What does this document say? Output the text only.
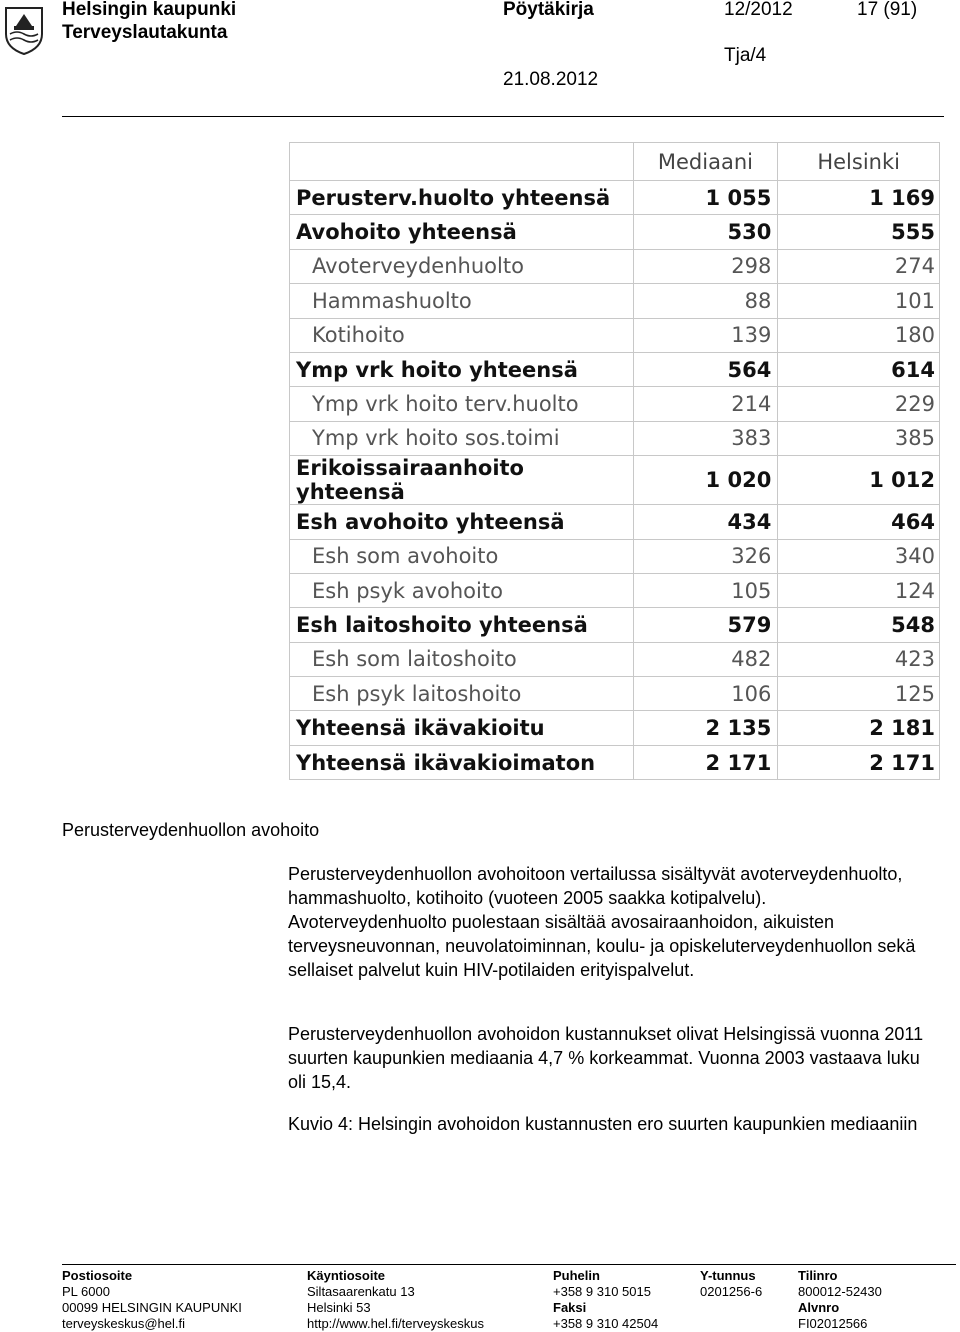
Helsingin kaupunki
Terveyslautakunta
Pöytäkirja	12/2012	17 (91)
Tja/4
21.08.2012
	Mediaani	Helsinki
Perusterv.huolto yhteensä	1 055	1 169
Avohoito yhteensä	530	555
Avoterveydenhuolto	298	274
Hammashuolto	88	101
Kotihoito	139	180
Ymp vrk hoito yhteensä	564	614
Ymp vrk hoito terv.huolto	214	229
Ymp vrk hoito sos.toimi	383	385
Erikoissairaanhoito yhteensä	1 020	1 012
Esh avohoito yhteensä	434	464
Esh som avohoito	326	340
Esh psyk avohoito	105	124
Esh laitoshoito yhteensä	579	548
Esh som laitoshoito	482	423
Esh psyk laitoshoito	106	125
Yhteensä ikävakioitu	2 135	2 181
Yhteensä ikävakioimaton	2 171	2 171
Perusterveydenhuollon avohoito
Perusterveydenhuollon avohoitoon vertailussa sisältyvät avoterveydenhuolto, hammashuolto, kotihoito (vuoteen 2005 saakka kotipalvelu). Avoterveydenhuolto puolestaan sisältää avosairaanhoidon, aikuisten terveysneuvonnan, neuvolatoiminnan, koulu- ja opiskeluterveydenhuollon sekä sellaiset palvelut kuin HIV-potilaiden erityispalvelut.
Perusterveydenhuollon avohoidon kustannukset olivat Helsingissä vuonna 2011 suurten kaupunkien mediaania 4,7 % korkeammat. Vuonna 2003 vastaava luku oli 15,4.
Kuvio 4: Helsingin avohoidon kustannusten ero suurten kaupunkien mediaaniin
Postiosoite
PL 6000
00099 HELSINGIN KAUPUNKI
terveyskeskus@hel.fi
Käyntiosoite
Siltasaarenkatu 13
Helsinki 53
http://www.hel.fi/terveyskeskus
Puhelin
+358 9 310 5015
Faksi
+358 9 310 42504
Y-tunnus
0201256-6
Tilinro
800012-52430
Alvnro
FI02012566
